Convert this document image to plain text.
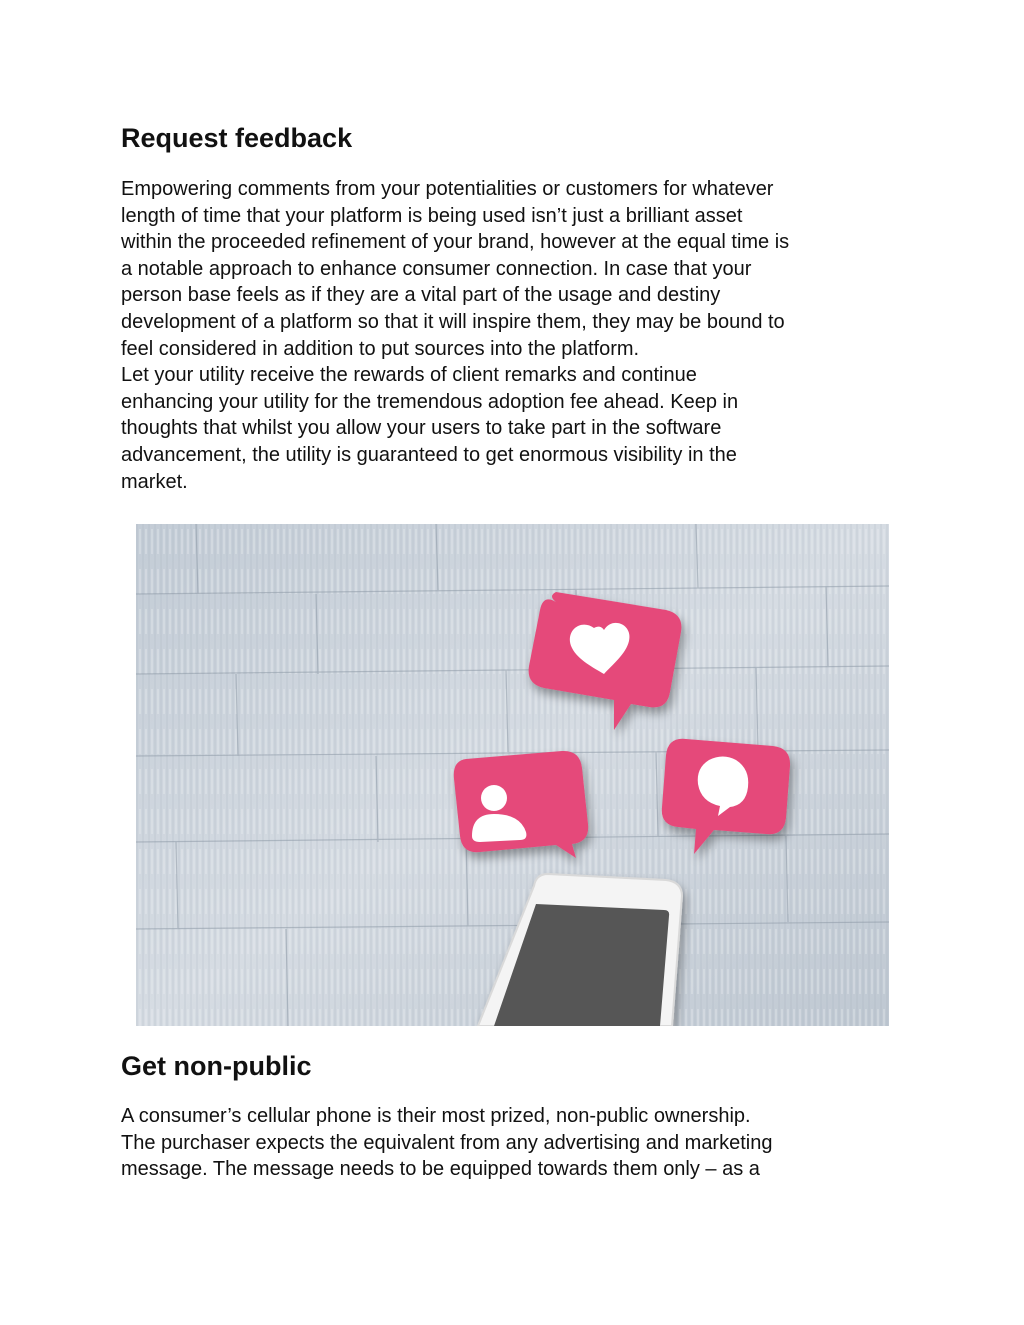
Request feedback

Empowering comments from your potentialities or customers for whatever
length of time that your platform is being used isn’t just a brilliant asset
within the proceeded refinement of your brand, however at the equal time is
a notable approach to enhance consumer connection. In case that your
person base feels as if they are a vital part of the usage and destiny
development of a platform so that it will inspire them, they may be bound to
feel considered in addition to put sources into the platform.
Let your utility receive the rewards of client remarks and continue
enhancing your utility for the tremendous adoption fee ahead. Keep in
thoughts that whilst you allow your users to take part in the software
advancement, the utility is guaranteed to get enormous visibility in the
market.

Get non-public

A consumer’s cellular phone is their most prized, non-public ownership.
The purchaser expects the equivalent from any advertising and marketing
message. The message needs to be equipped towards them only – as a
